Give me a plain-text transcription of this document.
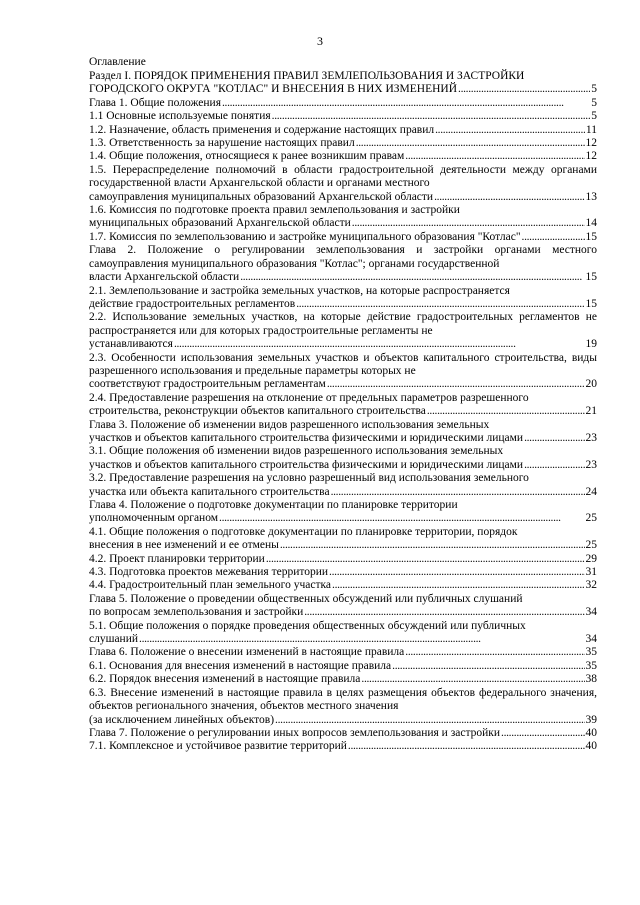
3
Оглавление
Раздел I. ПОРЯДОК ПРИМЕНЕНИЯ ПРАВИЛ ЗЕМЛЕПОЛЬЗОВАНИЯ И ЗАСТРОЙКИ
ГОРОДСКОГО ОКРУГА "КОТЛАС" И ВНЕСЕНИЯ В НИХ ИЗМЕНЕНИЙ . . .	5
Глава 1. Общие положения . . .	5
1.1 Основные используемые понятия . . .	5
1.2. Назначение, область применения и содержание настоящих правил . . .	11
1.3. Ответственность за нарушение настоящих правил . . .	12
1.4. Общие положения, относящиеся к ранее возникшим правам . . .	12
1.5. Перераспределение полномочий в области градостроительной деятельности между органами государственной власти Архангельской области и органами местного
самоуправления муниципальных образований Архангельской области . . .	13
1.6. Комиссия по подготовке проекта правил землепользования и застройки
муниципальных образований Архангельской области . . .	14
1.7. Комиссия по землепользованию и застройке муниципального образования "Котлас" . . .	15
Глава 2. Положение о регулировании землепользования и застройки органами местного самоуправления муниципального образования "Котлас"; органами государственной
власти Архангельской области . . .	15
2.1. Землепользование и застройка земельных участков, на которые распространяется
действие градостроительных регламентов . . .	15
2.2. Использование земельных участков, на которые действие градостроительных регламентов не распространяется или для которых градостроительные регламенты не
устанавливаются . . .	19
2.3. Особенности использования земельных участков и объектов капитального строительства, виды разрешенного использования и предельные параметры которых не
соответствуют градостроительным регламентам . . .	20
2.4. Предоставление разрешения на отклонение от предельных параметров разрешенного
строительства, реконструкции объектов капитального строительства . . .	21
Глава 3. Положение об изменении видов разрешенного использования земельных
участков и объектов капитального строительства физическими и юридическими лицами . . .	23
3.1. Общие положения об изменении видов разрешенного использования земельных
участков и объектов капитального строительства физическими и юридическими лицами . . .	23
3.2. Предоставление разрешения на условно разрешенный вид использования земельного
участка или объекта капитального строительства . . .	24
Глава 4. Положение о подготовке документации по планировке территории
уполномоченным органом . . .	25
4.1. Общие положения о подготовке документации по планировке территории, порядок
внесения в нее изменений и ее отмены . . .	25
4.2. Проект планировки территории . . .	29
4.3. Подготовка проектов межевания территории . . .	31
4.4. Градостроительный план земельного участка . . .	32
Глава 5. Положение о проведении общественных обсуждений или публичных слушаний
по вопросам землепользования и застройки . . .	34
5.1. Общие положения о порядке проведения общественных обсуждений или публичных
слушаний . . .	34
Глава 6. Положение о внесении изменений в настоящие правила . . .	35
6.1. Основания для внесения изменений в настоящие правила . . .	35
6.2. Порядок внесения изменений в настоящие правила . . .	38
6.3. Внесение изменений в настоящие правила в целях размещения объектов федерального значения, объектов регионального значения, объектов местного значения
(за исключением линейных объектов) . . .	39
Глава 7. Положение о регулировании иных вопросов землепользования и застройки . . .	40
7.1. Комплексное и устойчивое развитие территорий . . .	40
